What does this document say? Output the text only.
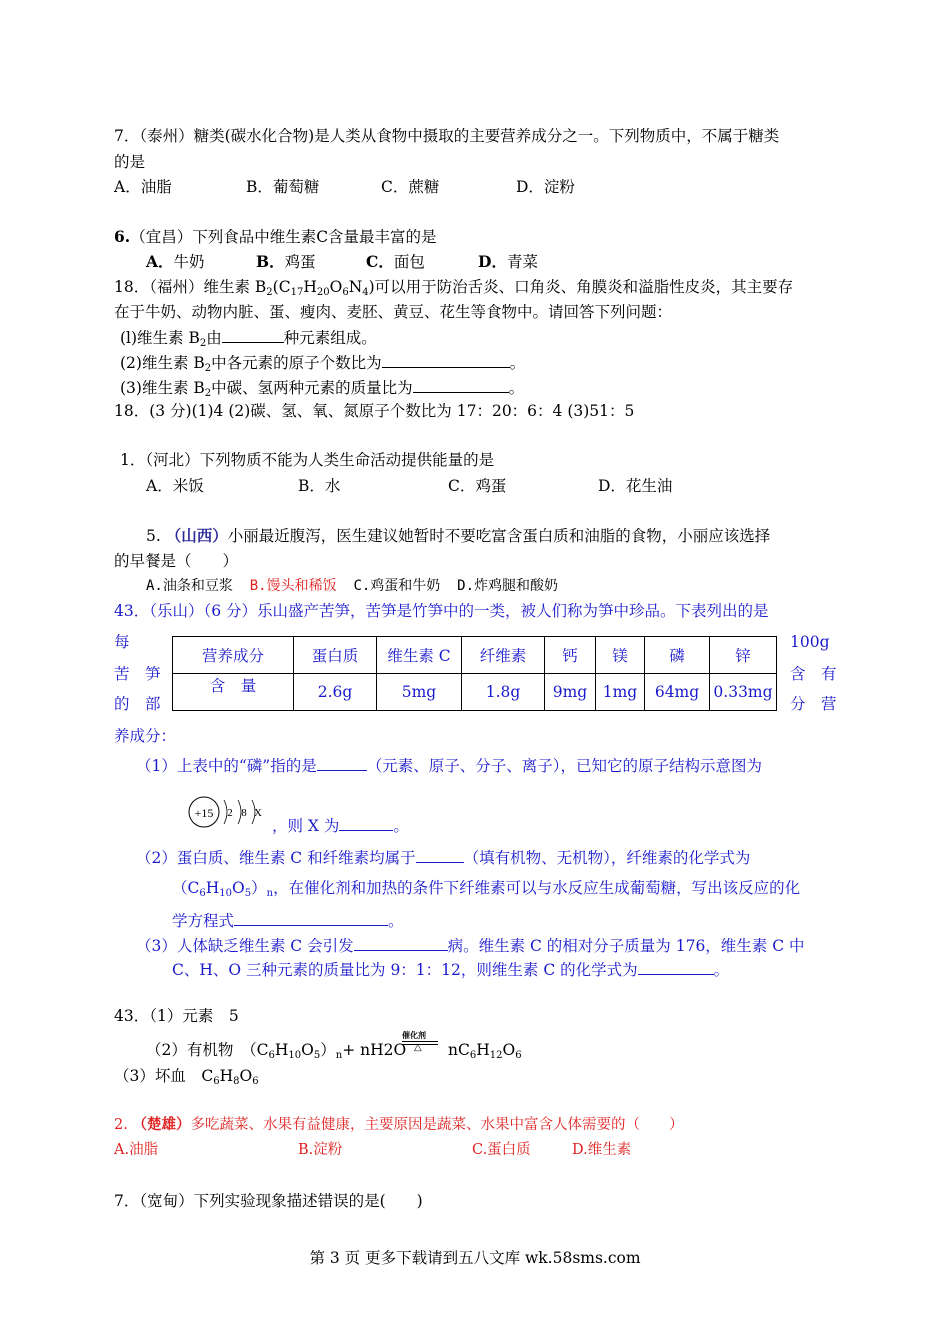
7．（泰州）糖类(碳水化合物)是人类从食物中摄取的主要营养成分之一。下列物质中，不属于糖类
的是
A．油脂	B．葡萄糖	C．蔗糖	D．淀粉
6.（宜昌）下列食品中维生素C含量最丰富的是
A．牛奶	B．鸡蛋	C．面包	D．青菜
18．（福州）维生素 $B_2(C_{17}H_{20}O_6N_4)$可以用于防治舌炎、口角炎、角膜炎和溢脂性皮炎，其主要存
在于牛奶、动物内脏、蛋、瘦肉、麦胚、黄豆、花生等食物中。请回答下列问题：
(l)维生素 $B_2$由	种元素组成。
(2)维生素 $B_2$中各元素的原子个数比为	。
(3)维生素 $B_2$中碳、氢两种元素的质量比为	。
18．(3 分)(1)4 (2)碳、氢、氧、氮原子个数比为 17：20：6：4 (3)51：5
1．（河北）下列物质不能为人类生命活动提供能量的是
A．米饭	B．水	C．鸡蛋	D．花生油
5. （山西）小丽最近腹泻，医生建议她暂时不要吃富含蛋白质和油脂的食物，小丽应该选择
的早餐是（　　）
A.油条和豆浆 B.馒头和稀饭 C.鸡蛋和牛奶 D.炸鸡腿和酸奶
43．（乐山）（6 分）乐山盛产苦笋，苦笋是竹笋中的一类，被人们称为笋中珍品。下表列出的是
每
苦　笋
的　部
100g
含　有
分　营
养成分：
营养成分	蛋白质	维生素 C	纤维素	钙	镁	磷	锌
含　量	2.6g	5mg	1.8g	9mg	1mg	64mg	0.33mg
（1）上表中的“磷”指的是	（元素、原子、分子、离子），已知它的原子结构示意图为
+15 2 8 X
，则 X 为	。
（2）蛋白质、维生素 C 和纤维素均属于	（填有机物、无机物），纤维素的化学式为
$(C_6H_{10}O_5)_n$，在催化剂和加热的条件下纤维素可以与水反应生成葡萄糖，写出该反应的化
学方程式	。
（3）人体缺乏维生素 C 会引发	病。维生素 C 的相对分子质量为 176，维生素 C 中
C、H、O 三种元素的质量比为 9：1：12，则维生素 C 的化学式为	。
43．（1）元素　5
（2）有机物　$(C_6H_{10}O_5)_n+ nH2O$
催化剂
△ $nC_6H_{12}O_6$
（3）坏血　$C_6H_8O_6$
2. （楚雄）多吃蔬菜、水果有益健康，主要原因是蔬菜、水果中富含人体需要的（　　）
A.油脂	B.淀粉	C.蛋白质	D.维生素
7．（宽甸）下列实验现象描述错误的是(　　)
第 3 页 更多下载请到五八文库 wk.58sms.com
